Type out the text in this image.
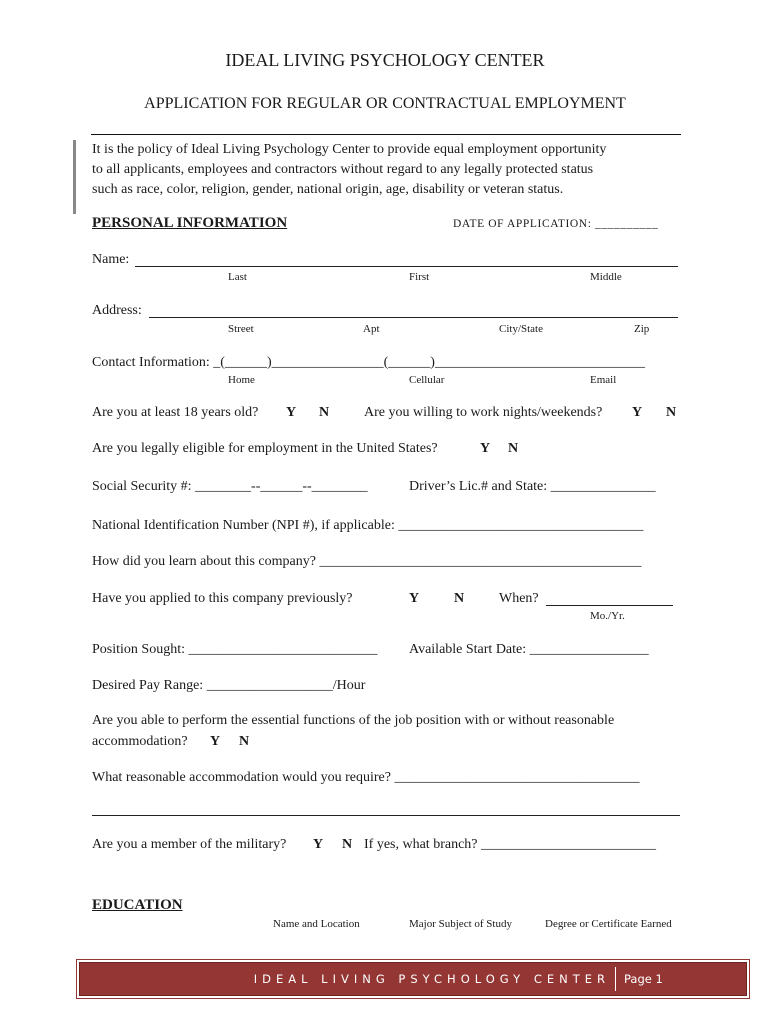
IDEAL LIVING PSYCHOLOGY CENTER
APPLICATION FOR REGULAR OR CONTRACTUAL EMPLOYMENT
It is the policy of Ideal Living Psychology Center to provide equal employment opportunity
to all applicants, employees and contractors without regard to any legally protected status
such as race, color, religion, gender, national origin, age, disability or veteran status.
PERSONAL INFORMATION	DATE OF APPLICATION: __________
Name:
Last	First	Middle
Address:
Street	Apt	City/State	Zip
Contact Information: _(______)________________(______)______________________________
Home	Cellular	Email
Are you at least 18 years old? Y N Are you willing to work nights/weekends? Y N
Are you legally eligible for employment in the United States?	Y N
Social Security #: ________--______--________	Driver’s Lic.# and State: _______________
National Identification Number (NPI #), if applicable: ___________________________________
How did you learn about this company? ______________________________________________
Have you applied to this company previously?	Y N When?
Mo./Yr.
Position Sought: ___________________________ Available Start Date: _________________
Desired Pay Range: __________________/Hour
Are you able to perform the essential functions of the job position with or without reasonable
accommodation? Y N
What reasonable accommodation would you require? ___________________________________
Are you a member of the military? Y N If yes, what branch? _________________________
EDUCATION
Name and Location	Major Subject of Study	Degree or Certificate Earned
IDEAL LIVING PSYCHOLOGY CENTER Page 1
